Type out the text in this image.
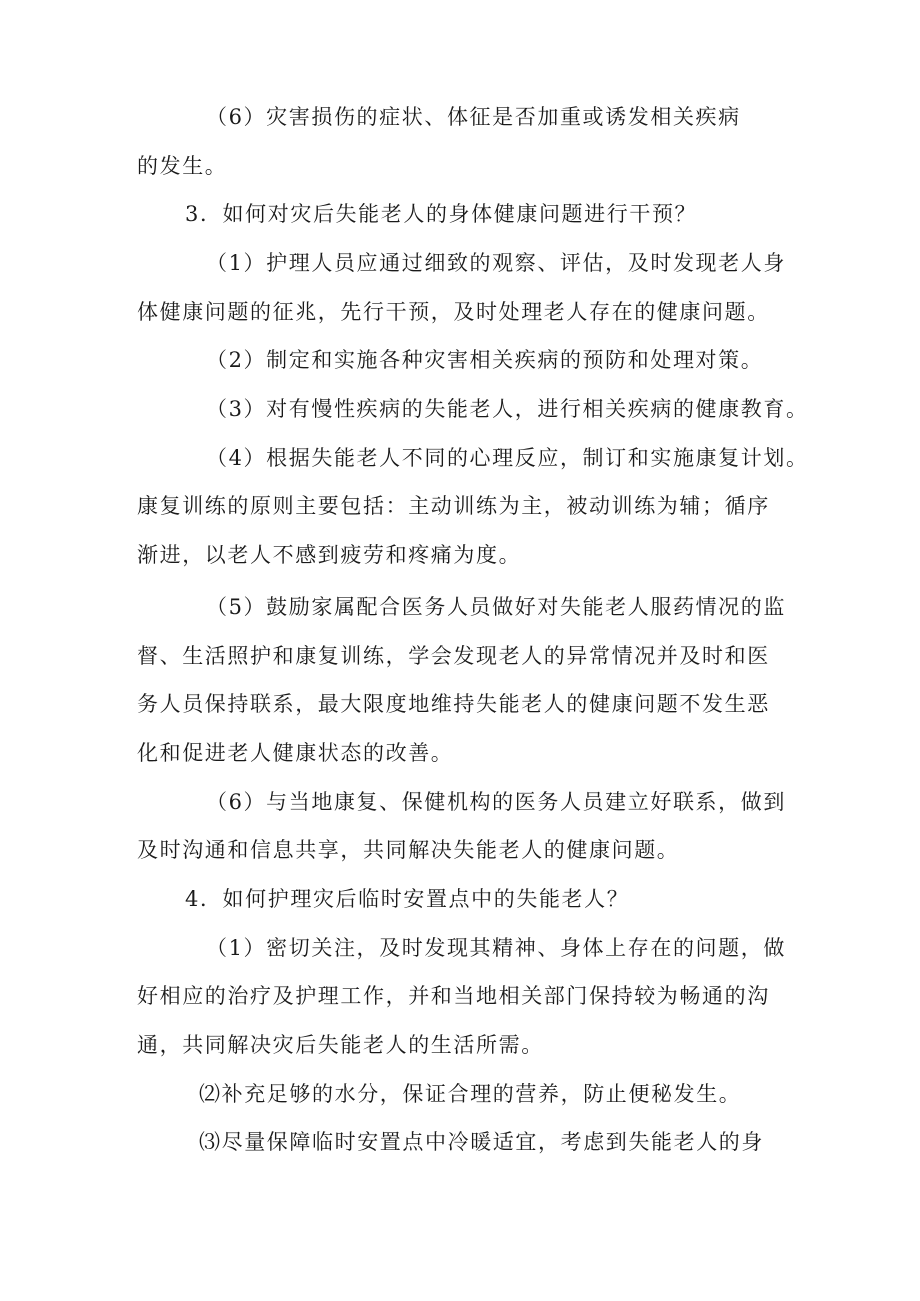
（6）灾害损伤的症状、体征是否加重或诱发相关疾病
的发生。
3．如何对灾后失能老人的身体健康问题进行干预？
（1）护理人员应通过细致的观察、评估，及时发现老人身
体健康问题的征兆，先行干预，及时处理老人存在的健康问题。
（2）制定和实施各种灾害相关疾病的预防和处理对策。
（3）对有慢性疾病的失能老人，进行相关疾病的健康教育。
（4）根据失能老人不同的心理反应，制订和实施康复计划。
康复训练的原则主要包括：主动训练为主，被动训练为辅；循序
渐进，以老人不感到疲劳和疼痛为度。
（5）鼓励家属配合医务人员做好对失能老人服药情况的监
督、生活照护和康复训练，学会发现老人的异常情况并及时和医
务人员保持联系，最大限度地维持失能老人的健康问题不发生恶
化和促进老人健康状态的改善。
（6）与当地康复、保健机构的医务人员建立好联系，做到
及时沟通和信息共享，共同解决失能老人的健康问题。
4．如何护理灾后临时安置点中的失能老人？
（1）密切关注，及时发现其精神、身体上存在的问题，做
好相应的治疗及护理工作，并和当地相关部门保持较为畅通的沟
通，共同解决灾后失能老人的生活所需。
⑵补充足够的水分，保证合理的营养，防止便秘发生。
⑶尽量保障临时安置点中冷暖适宜，考虑到失能老人的身
